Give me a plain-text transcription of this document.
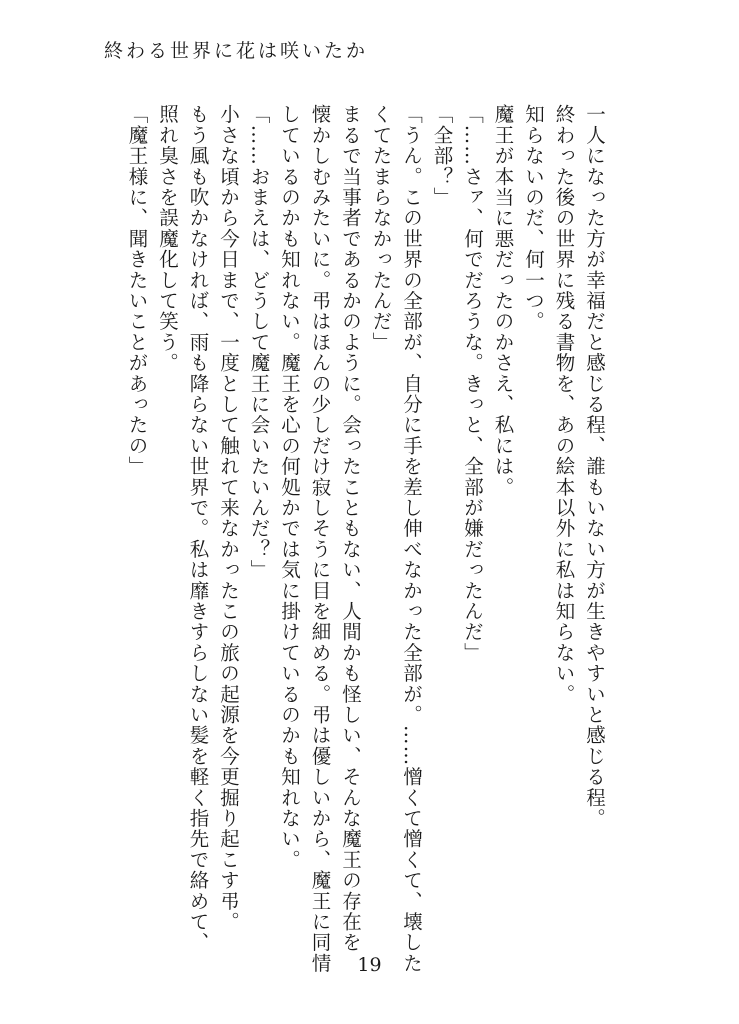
終わる世界に花は咲いたか

一人になった方が幸福だと感じる程、誰もいない方が生きやすいと感じる程。

終わった後の世界に残る書物を、あの絵本以外に私は知らない。

知らないのだ、何一つ。

魔王が本当に悪だったのかさえ、私には。

「……さァ、何でだろうな。きっと、全部が嫌だったんだ」

「全部？」

「うん。この世界の全部が、自分に手を差し伸べなかった全部が。……憎くて憎くて、壊した

くてたまらなかったんだ」

まるで当事者であるかのように。会ったこともない、人間かも怪しい、そんな魔王の存在を

懐かしむみたいに。弔はほんの少しだけ寂しそうに目を細める。弔は優しいから、魔王に同情

しているのかも知れない。魔王を心の何処かでは気に掛けているのかも知れない。

「……おまえは、どうして魔王に会いたいんだ？」

小さな頃から今日まで、一度として触れて来なかったこの旅の起源を今更掘り起こす弔。

もう風も吹かなければ、雨も降らない世界で。私は靡きすらしない髪を軽く指先で絡めて、

照れ臭さを誤魔化して笑う。

「魔王様に、聞きたいことがあったの」

19
